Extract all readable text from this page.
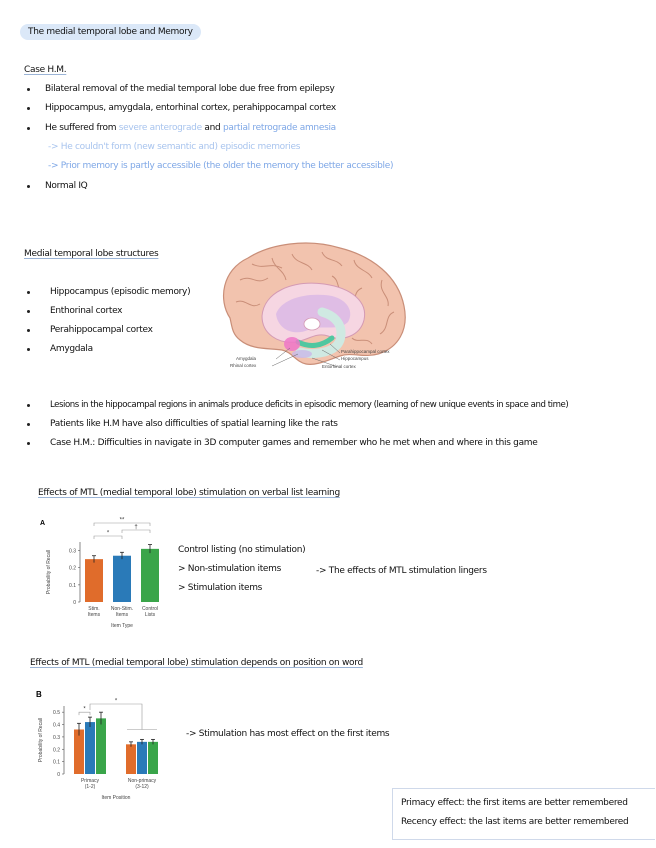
The medial temporal lobe and Memory
Case H.M.
Bilateral removal of the medial temporal lobe due free from epilepsy
Hippocampus, amygdala, entorhinal cortex, perahippocampal cortex
He suffered from severe anterograde and partial retrograde amnesia
-> He couldn't form (new semantic and) episodic memories
-> Prior memory is partly accessible (the older the memory the better accessible)
Normal IQ
Medial temporal lobe structures
Hippocampus (episodic memory)
Enthorinal cortex
Perahippocampal cortex
Amygdala
Amygdala
Rhinal cortex
Parahippocampal cortex
Hippocampus
Entorhinal cortex
Lesions in the hippocampal regions in animals produce deficits in episodic memory (learning of new unique events in space and time)
Patients like H.M have also difficulties of spatial learning like the rats
Case H.M.: Difficulties in navigate in 3D computer games and remember who he met when and where in this game
Effects of MTL (medial temporal lobe) stimulation on verbal list learning
A
0
0.1
0.2
0.3
Probability of Recall
Stim.
Items
Non-Stim.
Items
Control
Lists
Item Type
*
**
†
Control listing (no stimulation)
> Non-stimulation items
> Stimulation items
-> The effects of MTL stimulation lingers
Effects of MTL (medial temporal lobe) stimulation depends on position on word
B
0
0.1
0.2
0.3
0.4
0.5
Probability of Recall
Primacy
(1-2)
Non-primacy
(3-12)
Item Position
*
*
-> Stimulation has most effect on the first items
Primacy effect: the first items are better remembered
Recency effect: the last items are better remembered
